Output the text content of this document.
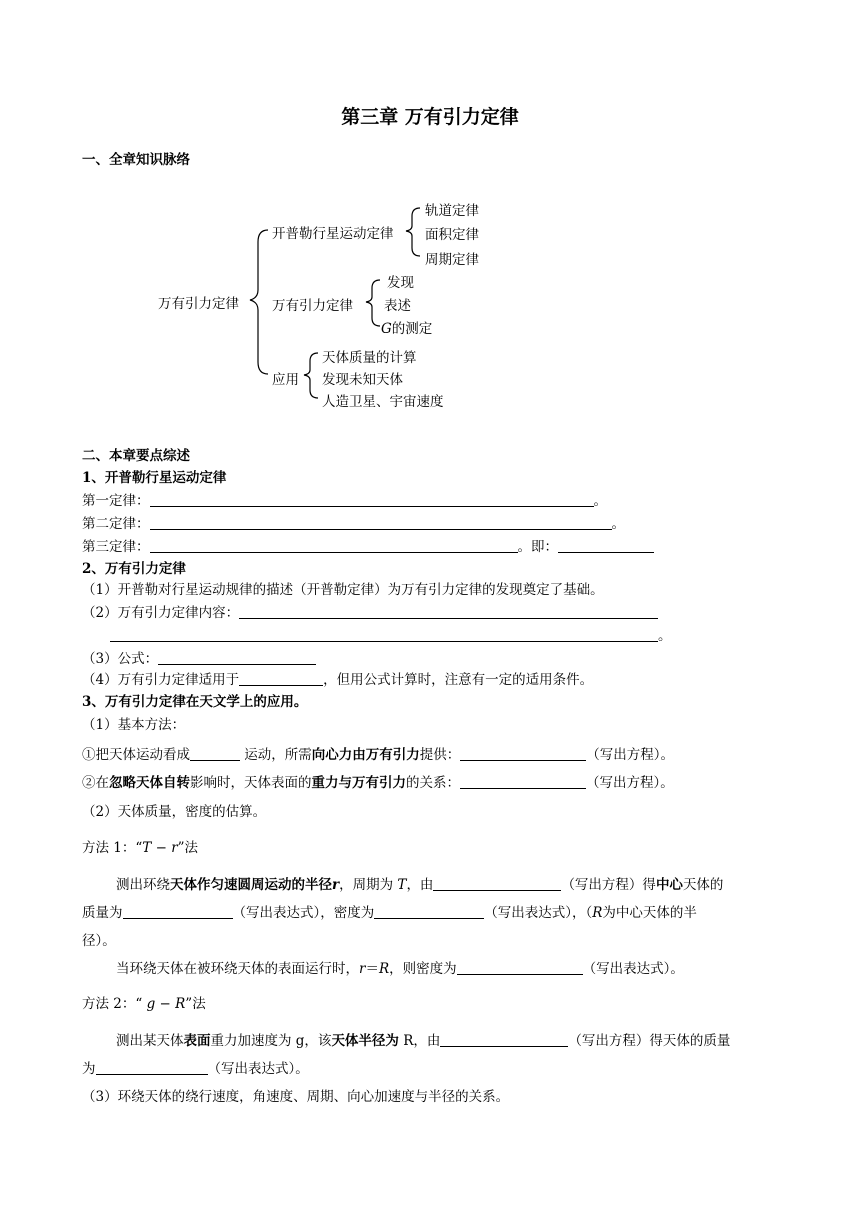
第三章 万有引力定律
一、全章知识脉络
万有引力定律
开普勒行星运动定律
轨道定律
面积定律
周期定律
万有引力定律
发现
表述
G的测定
应用
天体质量的计算
发现未知天体
人造卫星、宇宙速度
二、本章要点综述
1、开普勒行星运动定律
第一定律：	。
第二定律：	。
第三定律：	。即：
2、万有引力定律
（1）开普勒对行星运动规律的描述（开普勒定律）为万有引力定律的发现奠定了基础。
（2）万有引力定律内容：
。
（3）公式：
（4）万有引力定律适用于	，但用公式计算时，注意有一定的适用条件。
3、万有引力定律在天文学上的应用。
（1）基本方法：
①把天体运动看成	运动，所需向心力由万有引力提供：	（写出方程）。
②在忽略天体自转影响时，天体表面的重力与万有引力的关系：	（写出方程）。
（2）天体质量，密度的估算。
方法 1：“T − r”法
测出环绕天体作匀速圆周运动的半径r，周期为 T，由	（写出方程）得中心天体的
质量为	（写出表达式），密度为	（写出表达式），（R为中心天体的半
径）。
当环绕天体在被环绕天体的表面运行时，r＝R，则密度为	（写出表达式）。
方法 2：“ g − R”法
测出某天体表面重力加速度为 g，该天体半径为 R，由	（写出方程）得天体的质量
为	（写出表达式）。
（3）环绕天体的绕行速度，角速度、周期、向心加速度与半径的关系。
